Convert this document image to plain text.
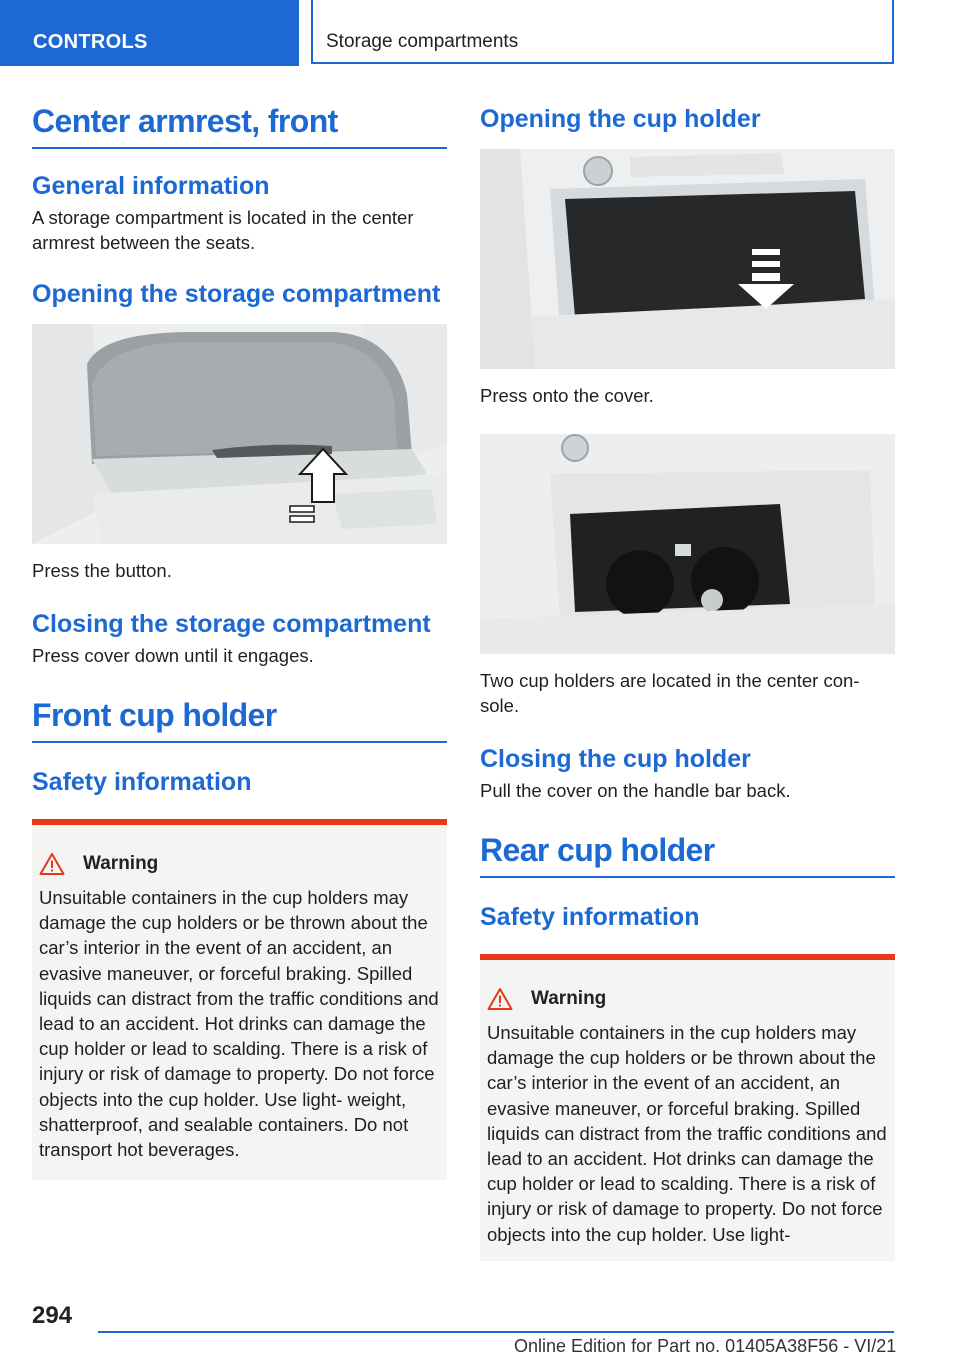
CONTROLS	Storage compartments
Center armrest, front
General information

A storage compartment is located in the center armrest between the seats.

Opening the storage compartment

Press the button.

Closing the storage compartment

Press cover down until it engages.

Front cup holder
Safety information
Warning

Unsuitable containers in the cup holders may damage the cup holders or be thrown about the car’s interior in the event of an accident, an evasive maneuver, or forceful braking. Spilled liquids can distract from the traffic conditions and lead to an accident. Hot drinks can damage the cup holder or lead to scalding. There is a risk of injury or risk of damage to property. Do not force objects into the cup holder. Use light- weight, shatterproof, and sealable containers. Do not transport hot beverages.

Opening the cup holder

Press onto the cover.

Two cup holders are located in the center con- sole.

Closing the cup holder

Pull the cover on the handle bar back.

Rear cup holder
Safety information
Warning

Unsuitable containers in the cup holders may damage the cup holders or be thrown about the car’s interior in the event of an accident, an evasive maneuver, or forceful braking. Spilled liquids can distract from the traffic conditions and lead to an accident. Hot drinks can damage the cup holder or lead to scalding. There is a risk of injury or risk of damage to property. Do not force objects into the cup holder. Use light-

294
Online Edition for Part no. 01405A38F56 - VI/21
